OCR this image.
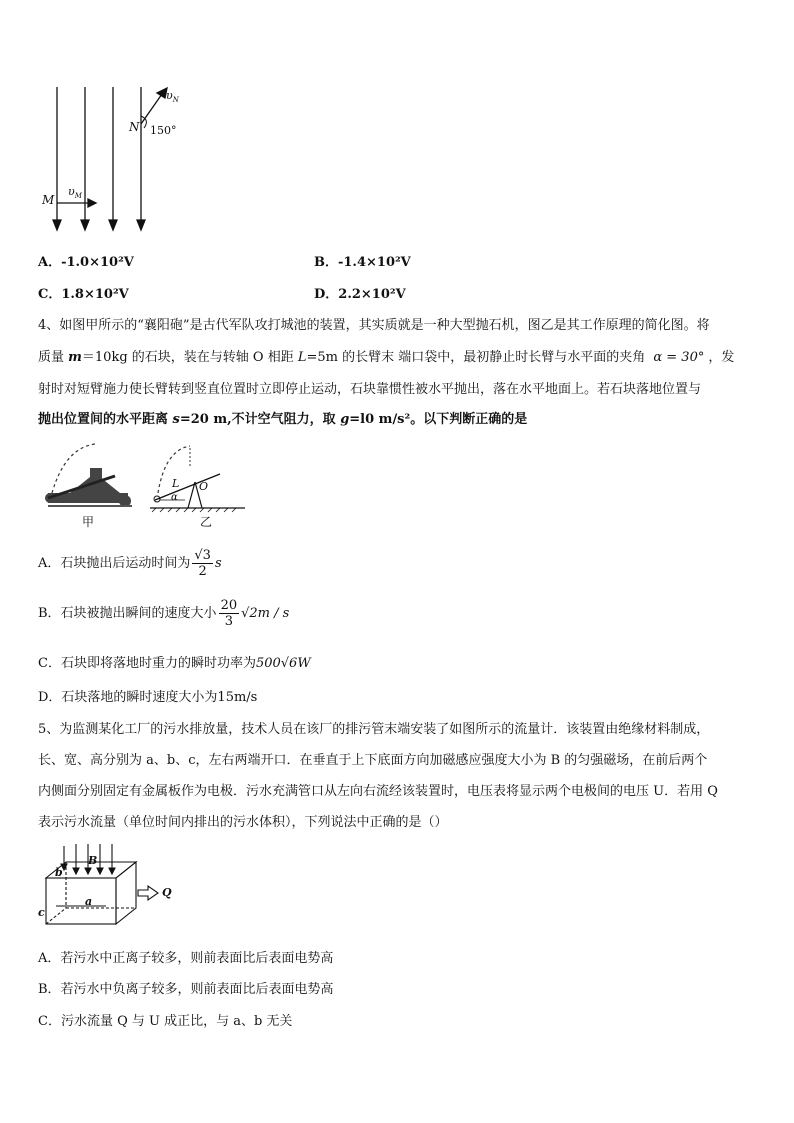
M
$\upsilon_M$
N
$\upsilon_N$
150°
A．-1.0×10²V	B．-1.4×10²V
C．1.8×10²V	D．2.2×10²V
4、如图甲所示的“襄阳砲”是古代军队攻打城池的装置，其实质就是一种大型抛石机，图乙是其工作原理的简化图。将
质量 m＝10kg 的石块，装在与转轴 O 相距 L=5m 的长臂末 端口袋中，最初静止时长臂与水平面的夹角 α = 30° ，发
射时对短臂施力使长臂转到竖直位置时立即停止运动，石块靠惯性被水平抛出，落在水平地面上。若石块落地位置与
抛出位置间的水平距离 s=20 m,不计空气阻力，取 g=l0 m/s²。以下判断正确的是
甲	乙
L O
α
A．石块抛出后运动时间为 $\frac{√3}{2}$ s
B．石块被抛出瞬间的速度大小 $\frac{20}{3} √2m$ / s
C．石块即将落地时重力的瞬时功率为500√6W
D．石块落地的瞬时速度大小为15m/s
5、为监测某化工厂的污水排放量，技术人员在该厂的排污管末端安装了如图所示的流量计．该装置由绝缘材料制成，
长、宽、高分别为 a、b、c，左右两端开口．在垂直于上下底面方向加磁感应强度大小为 B 的匀强磁场，在前后两个
内侧面分别固定有金属板作为电极．污水充满管口从左向右流经该装置时，电压表将显示两个电极间的电压 U．若用 Q
表示污水流量（单位时间内排出的污水体积），下列说法中正确的是（）
b
B
a
c
Q
A．若污水中正离子较多，则前表面比后表面电势高
B．若污水中负离子较多，则前表面比后表面电势高
C．污水流量 Q 与 U 成正比，与 a、b 无关
